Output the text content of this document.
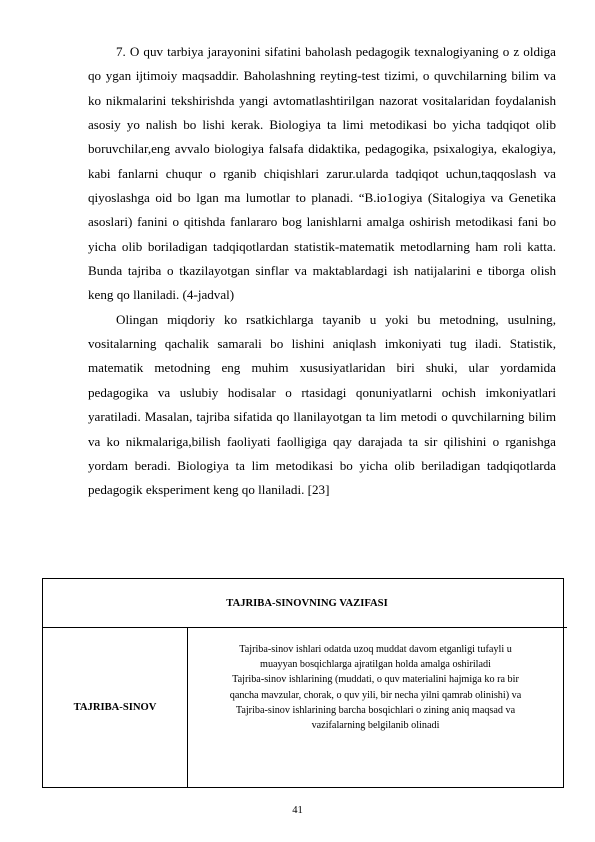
7. O quv tarbiya jarayonini sifatini baholash pedagogik texnalogiyaning o z oldiga qo ygan ijtimoiy maqsaddir. Baholashning reyting-test tizimi, o quvchilarning bilim va ko nikmalarini tekshirishda yangi avtomatlashtirilgan nazorat vositalaridan foydalanish asosiy yo nalish bo lishi kerak. Biologiya ta limi metodikasi bo yicha tadqiqot olib boruvchilar,eng avvalo biologiya falsafa didaktika, pedagogika, psixalogiya, ekalogiya, kabi fanlarni chuqur o rganib chiqishlari zarur.ularda tadqiqot uchun,taqqoslash va qiyoslashga oid bo lgan ma lumotlar to planadi. “B.io1ogiya (Sitalogiya va Genetika asoslari) fanini o qitishda fanlararo bog lanishlarni amalga oshirish metodikasi fani bo yicha olib boriladigan tadqiqotlardan statistik-matematik metodlarning ham roli katta. Bunda tajriba o tkazilayotgan sinflar va maktablardagi ish natijalarini e tiborga olish keng qo llaniladi. (4-jadval)

Olingan miqdoriy ko rsatkichlarga tayanib u yoki bu metodning, usulning, vositalarning qachalik samarali bo lishini aniqlash imkoniyati tug iladi. Statistik, matematik metodning eng muhim xususiyatlaridan biri shuki, ular yordamida pedagogika va uslubiy hodisalar o rtasidagi qonuniyatlarni ochish imkoniyatlari yaratiladi. Masalan, tajriba sifatida qo llanilayotgan ta lim metodi o quvchilarning bilim va ko nikmalariga,bilish faoliyati faolligiga qay darajada ta sir qilishini o rganishga yordam beradi. Biologiya ta lim metodikasi bo yicha olib beriladigan tadqiqotlarda pedagogik eksperiment keng qo llaniladi. [23]

TAJRIBA-SINOVNING VAZIFASI
TAJRIBA-SINOV
Tajriba-sinov ishlari odatda uzoq muddat davom etganligi tufayli u
muayyan bosqichlarga ajratilgan holda amalga oshiriladi
Tajriba-sinov ishlarining (muddati, o quv materialini hajmiga ko ra bir
qancha mavzular, chorak, o quv yili, bir necha yilni qamrab olinishi) va
Tajriba-sinov ishlarining barcha bosqichlari o zining aniq maqsad va
vazifalarning belgilanib olinadi
41
